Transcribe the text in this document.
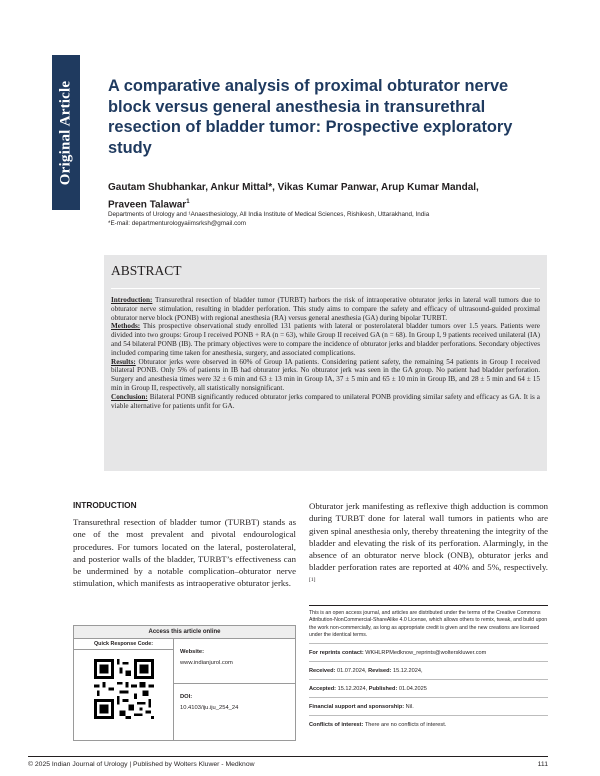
Original Article A comparative analysis of proximal obturator nerve block versus general anesthesia in transurethral resection of bladder tumor: Prospective exploratory study
Gautam Shubhankar, Ankur Mittal*, Vikas Kumar Panwar, Arup Kumar Mandal,
Praveen Talawar$^1$
Departments of Urology and ¹Anaesthesiology, All India Institute of Medical Sciences, Rishikesh, Uttarakhand, India
*E-mail: departmenturologyaiimsrksh@gmail.com
ABSTRACT

Introduction: Transurethral resection of bladder tumor (TURBT) harbors the risk of intraoperative obturator jerks in lateral wall tumors due to obturator nerve stimulation, resulting in bladder perforation. This study aims to compare the safety and efficacy of ultrasound-guided proximal obturator nerve block (PONB) with regional anesthesia (RA) versus general anesthesia (GA) during bipolar TURBT.

Methods: This prospective observational study enrolled 131 patients with lateral or posterolateral bladder tumors over 1.5 years. Patients were divided into two groups: Group I received PONB + RA (n = 63), while Group II received GA (n = 68). In Group I, 9 patients received unilateral (IA) and 54 bilateral PONB (IB). The primary objectives were to compare the incidence of obturator jerks and bladder perforations. Secondary objectives included comparing time taken for anesthesia, surgery, and associated complications.

Results: Obturator jerks were observed in 60% of Group IA patients. Considering patient safety, the remaining 54 patients in Group I received bilateral PONB. Only 5% of patients in IB had obturator jerks. No obturator jerk was seen in the GA group. No patient had bladder perforation. Surgery and anesthesia times were 32 ± 6 min and 63 ± 13 min in Group IA, 37 ± 5 min and 65 ± 10 min in Group IB, and 28 ± 5 min and 64 ± 15 min in Group II, respectively, all statistically nonsignificant.

Conclusion: Bilateral PONB significantly reduced obturator jerks compared to unilateral PONB providing similar safety and efficacy as GA. It is a viable alternative for patients unfit for GA.

INTRODUCTION

Transurethral resection of bladder tumor (TURBT) stands as one of the most prevalent and pivotal endourological procedures. For tumors located on the lateral, posterolateral, and posterior walls of the bladder, TURBT’s effectiveness can be undermined by a notable complication–obturator nerve stimulation, which manifests as intraoperative obturator jerks.

Obturator jerk manifesting as reflexive thigh adduction is common during TURBT done for lateral wall tumors in patients who are given spinal anesthesia only, thereby threatening the integrity of the bladder and elevating the risk of its perforation. Alarmingly, in the absence of an obturator nerve block (ONB), obturator jerks and bladder perforation rates are reported at 40% and 5%, respectively.[1]

Access this article online
Quick Response Code:
Website:
www.indianjurol.com
DOI:
10.4103/iju.iju_254_24
This is an open access journal, and articles are distributed under the terms of the Creative Commons Attribution-NonCommercial-ShareAlike 4.0 License, which allows others to remix, tweak, and build upon the work non-commercially, as long as appropriate credit is given and the new creations are licensed under the identical terms.
For reprints contact: WKHLRPMedknow_reprints@wolterskluwer.com
Received: 01.07.2024, Revised: 15.12.2024,
Accepted: 15.12.2024, Published: 01.04.2025
Financial support and sponsorship: Nil.
Conflicts of interest: There are no conflicts of interest.
© 2025 Indian Journal of Urology | Published by Wolters Kluwer - Medknow	111
